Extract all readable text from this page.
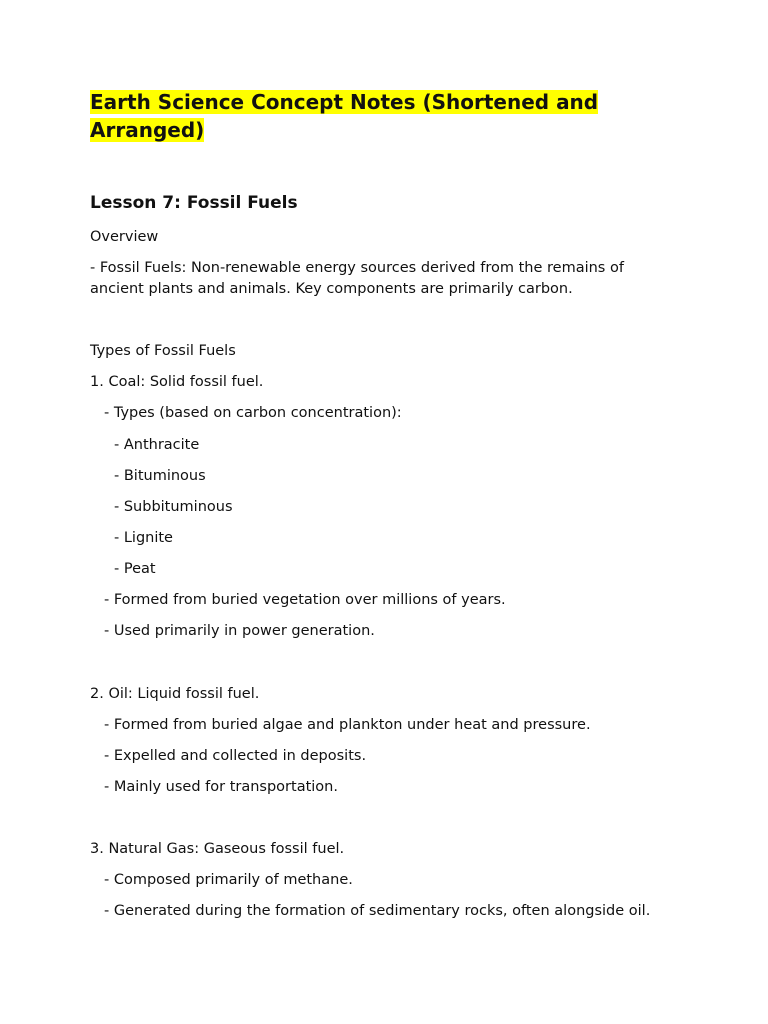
Earth Science Concept Notes (Shortened and Arranged)
Lesson 7: Fossil Fuels
Overview
- Fossil Fuels: Non-renewable energy sources derived from the remains of ancient plants and animals. Key components are primarily carbon.
Types of Fossil Fuels
1. Coal: Solid fossil fuel.
- Types (based on carbon concentration):
- Anthracite
- Bituminous
- Subbituminous
- Lignite
- Peat
- Formed from buried vegetation over millions of years.
- Used primarily in power generation.
2. Oil: Liquid fossil fuel.
- Formed from buried algae and plankton under heat and pressure.
- Expelled and collected in deposits.
- Mainly used for transportation.
3. Natural Gas: Gaseous fossil fuel.
- Composed primarily of methane.
- Generated during the formation of sedimentary rocks, often alongside oil.
